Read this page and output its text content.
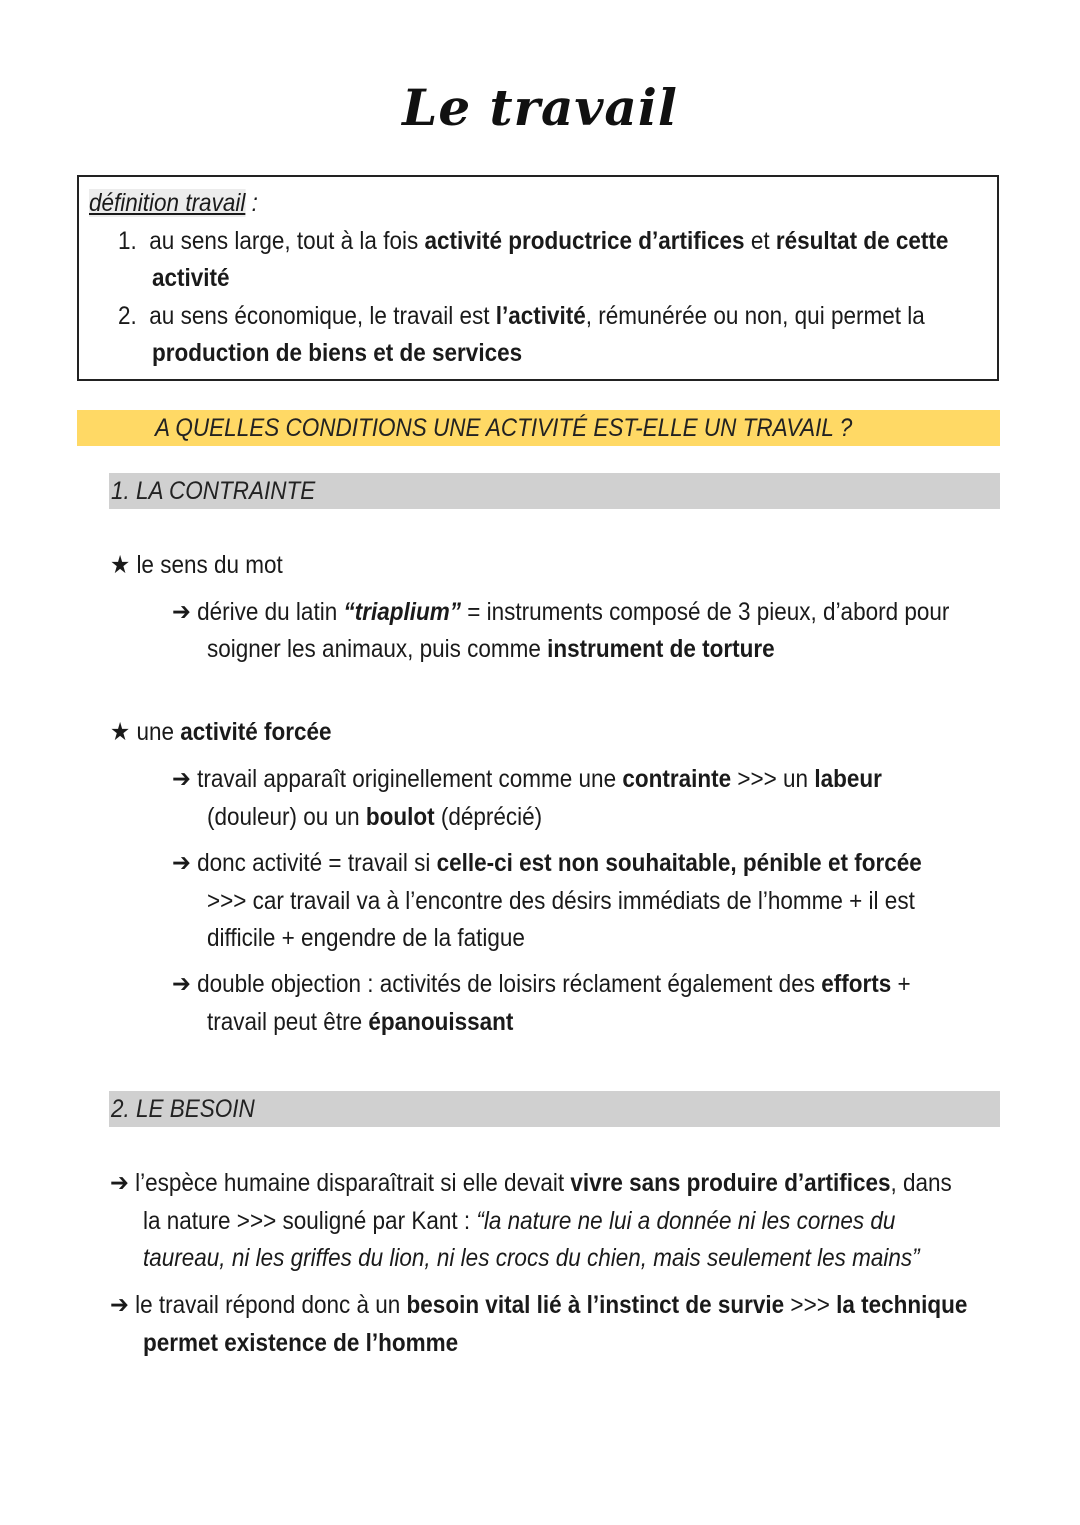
Le travail
définition travail :
1. au sens large, tout à la fois activité productrice d’artifices et résultat de cette
activité
2. au sens économique, le travail est l’activité, rémunérée ou non, qui permet la
production de biens et de services
A QUELLES CONDITIONS UNE ACTIVITÉ EST-ELLE UN TRAVAIL ?
1. LA CONTRAINTE
★ le sens du mot
➔ dérive du latin “triaplium” = instruments composé de 3 pieux, d’abord pour
soigner les animaux, puis comme instrument de torture
★ une activité forcée
➔ travail apparaît originellement comme une contrainte >>> un labeur
(douleur) ou un boulot (déprécié)
➔ donc activité = travail si celle-ci est non souhaitable, pénible et forcée
>>> car travail va à l’encontre des désirs immédiats de l’homme + il est
difficile + engendre de la fatigue
➔ double objection : activités de loisirs réclament également des efforts +
travail peut être épanouissant
2. LE BESOIN
➔ l’espèce humaine disparaîtrait si elle devait vivre sans produire d’artifices, dans
la nature >>> souligné par Kant : “la nature ne lui a donnée ni les cornes du
taureau, ni les griffes du lion, ni les crocs du chien, mais seulement les mains”
➔ le travail répond donc à un besoin vital lié à l’instinct de survie >>> la technique
permet existence de l’homme
